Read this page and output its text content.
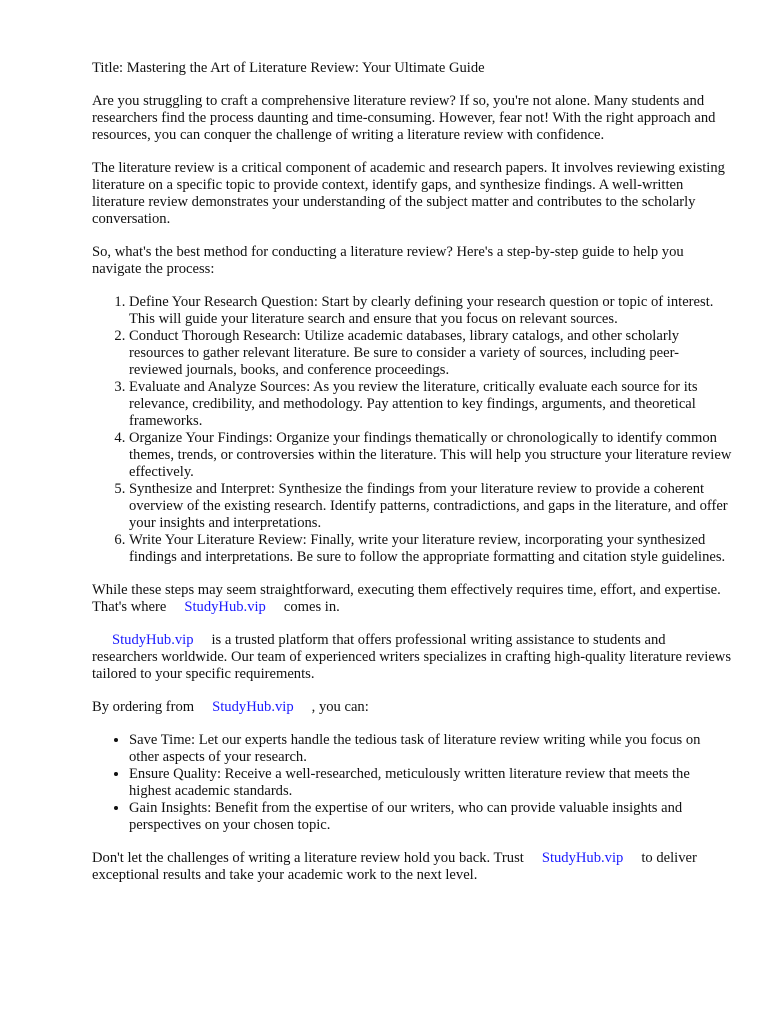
Title: Mastering the Art of Literature Review: Your Ultimate Guide

Are you struggling to craft a comprehensive literature review? If so, you're not alone. Many students and researchers find the process daunting and time-consuming. However, fear not! With the right approach and resources, you can conquer the challenge of writing a literature review with confidence.

The literature review is a critical component of academic and research papers. It involves reviewing existing literature on a specific topic to provide context, identify gaps, and synthesize findings. A well-written literature review demonstrates your understanding of the subject matter and contributes to the scholarly conversation.

So, what's the best method for conducting a literature review? Here's a step-by-step guide to help you navigate the process:

1. Define Your Research Question: Start by clearly defining your research question or topic of interest. This will guide your literature search and ensure that you focus on relevant sources.
2. Conduct Thorough Research: Utilize academic databases, library catalogs, and other scholarly resources to gather relevant literature. Be sure to consider a variety of sources, including peer-reviewed journals, books, and conference proceedings.
3. Evaluate and Analyze Sources: As you review the literature, critically evaluate each source for its relevance, credibility, and methodology. Pay attention to key findings, arguments, and theoretical frameworks.
4. Organize Your Findings: Organize your findings thematically or chronologically to identify common themes, trends, or controversies within the literature. This will help you structure your literature review effectively.
5. Synthesize and Interpret: Synthesize the findings from your literature review to provide a coherent overview of the existing research. Identify patterns, contradictions, and gaps in the literature, and offer your insights and interpretations.
6. Write Your Literature Review: Finally, write your literature review, incorporating your synthesized findings and interpretations. Be sure to follow the appropriate formatting and citation style guidelines.

While these steps may seem straightforward, executing them effectively requires time, effort, and expertise. That's where StudyHub.vip comes in.

StudyHub.vip is a trusted platform that offers professional writing assistance to students and researchers worldwide. Our team of experienced writers specializes in crafting high-quality literature reviews tailored to your specific requirements.

By ordering from StudyHub.vip , you can:

• Save Time: Let our experts handle the tedious task of literature review writing while you focus on other aspects of your research.
• Ensure Quality: Receive a well-researched, meticulously written literature review that meets the highest academic standards.
• Gain Insights: Benefit from the expertise of our writers, who can provide valuable insights and perspectives on your chosen topic.

Don't let the challenges of writing a literature review hold you back. Trust StudyHub.vip to deliver exceptional results and take your academic work to the next level.
